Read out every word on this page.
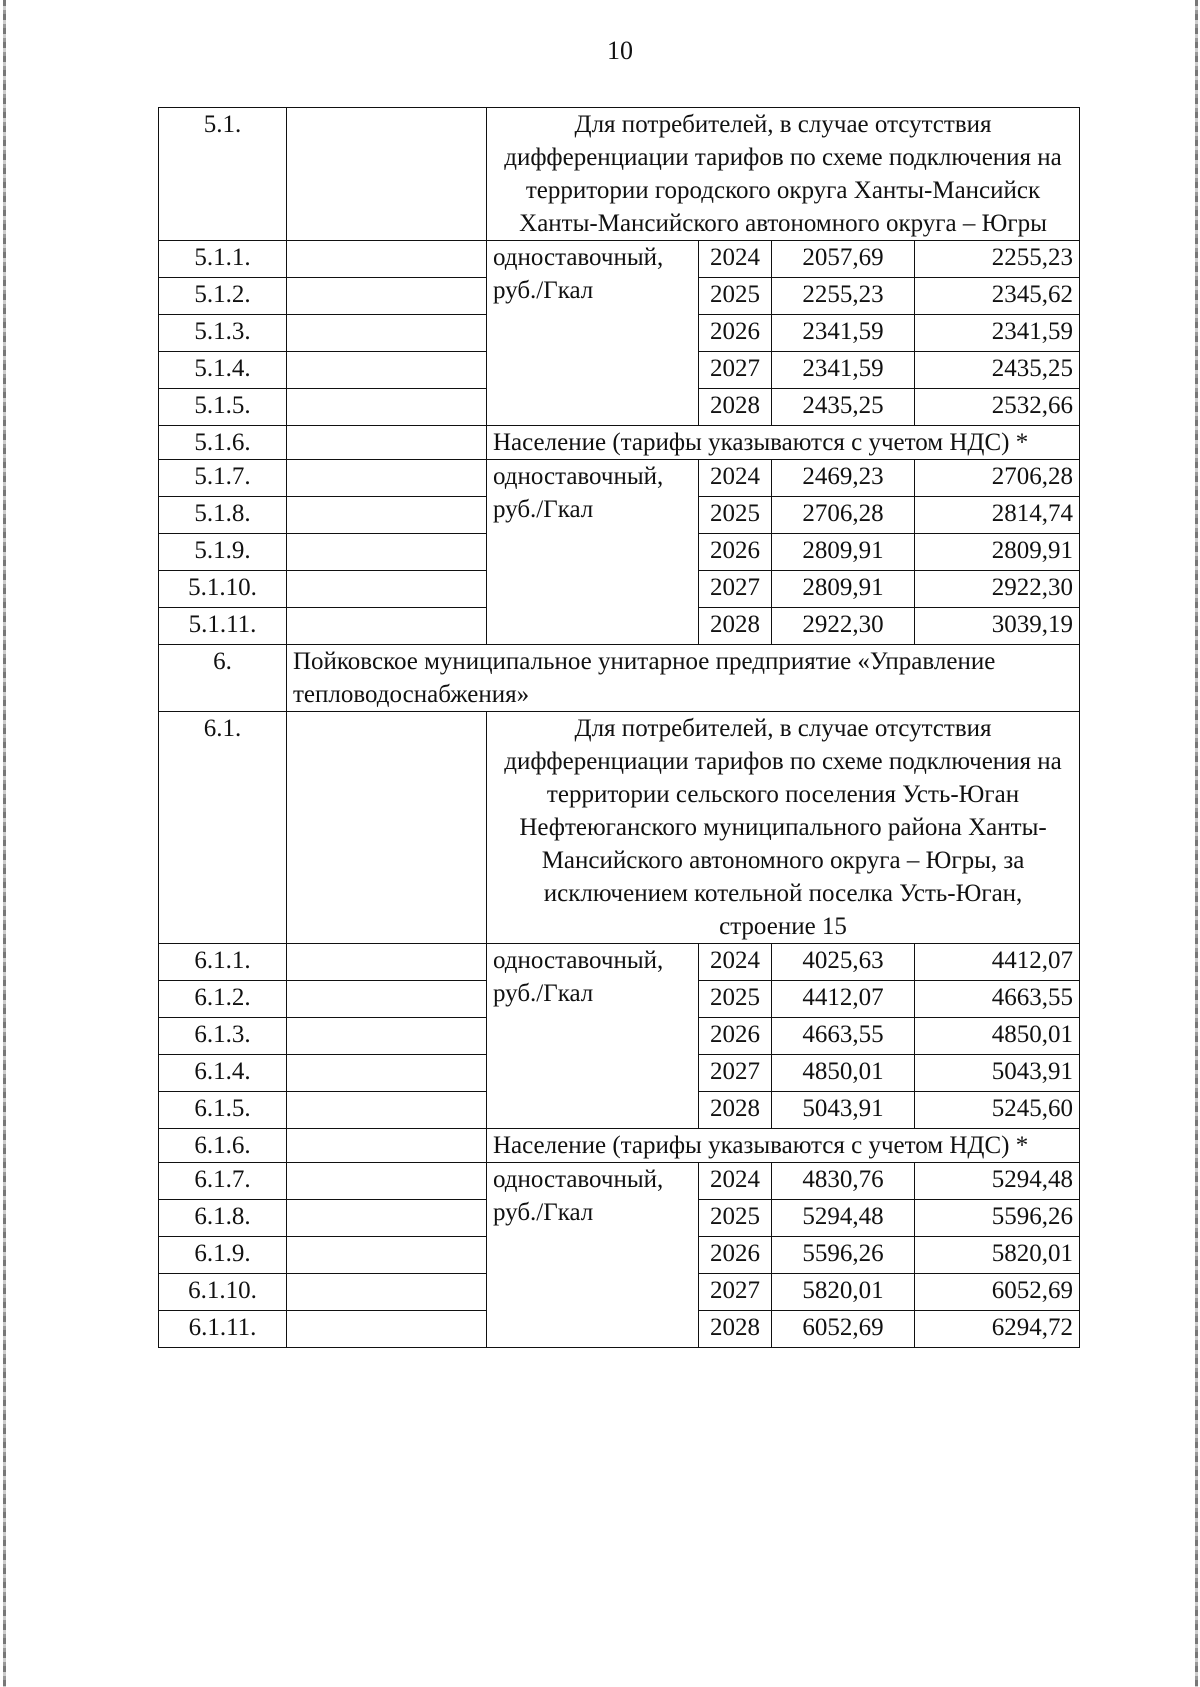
10
5.1.		Для потребителей, в случае отсутствия дифференциации тарифов по схеме подключения на территории городского округа Ханты-Мансийск Ханты-Мансийского автономного округа – Югры			
5.1.1.		одноставочный, руб./Гкал	2024	2057,69	2255,23
5.1.2.			2025	2255,23	2345,62
5.1.3.			2026	2341,59	2341,59
5.1.4.			2027	2341,59	2435,25
5.1.5.			2028	2435,25	2532,66
5.1.6.		Население (тарифы указываются с учетом НДС) *			
5.1.7.		одноставочный, руб./Гкал	2024	2469,23	2706,28
5.1.8.			2025	2706,28	2814,74
5.1.9.			2026	2809,91	2809,91
5.1.10.			2027	2809,91	2922,30
5.1.11.			2028	2922,30	3039,19
6.	Пойковское муниципальное унитарное предприятие «Управление тепловодоснабжения»				
6.1.		Для потребителей, в случае отсутствия дифференциации тарифов по схеме подключения на территории сельского поселения Усть-Юган Нефтеюганского муниципального района Ханты-Мансийского автономного округа – Югры, за исключением котельной поселка Усть-Юган, строение 15			
6.1.1.		одноставочный, руб./Гкал	2024	4025,63	4412,07
6.1.2.			2025	4412,07	4663,55
6.1.3.			2026	4663,55	4850,01
6.1.4.			2027	4850,01	5043,91
6.1.5.			2028	5043,91	5245,60
6.1.6.		Население (тарифы указываются с учетом НДС) *			
6.1.7.		одноставочный, руб./Гкал	2024	4830,76	5294,48
6.1.8.			2025	5294,48	5596,26
6.1.9.			2026	5596,26	5820,01
6.1.10.			2027	5820,01	6052,69
6.1.11.			2028	6052,69	6294,72
